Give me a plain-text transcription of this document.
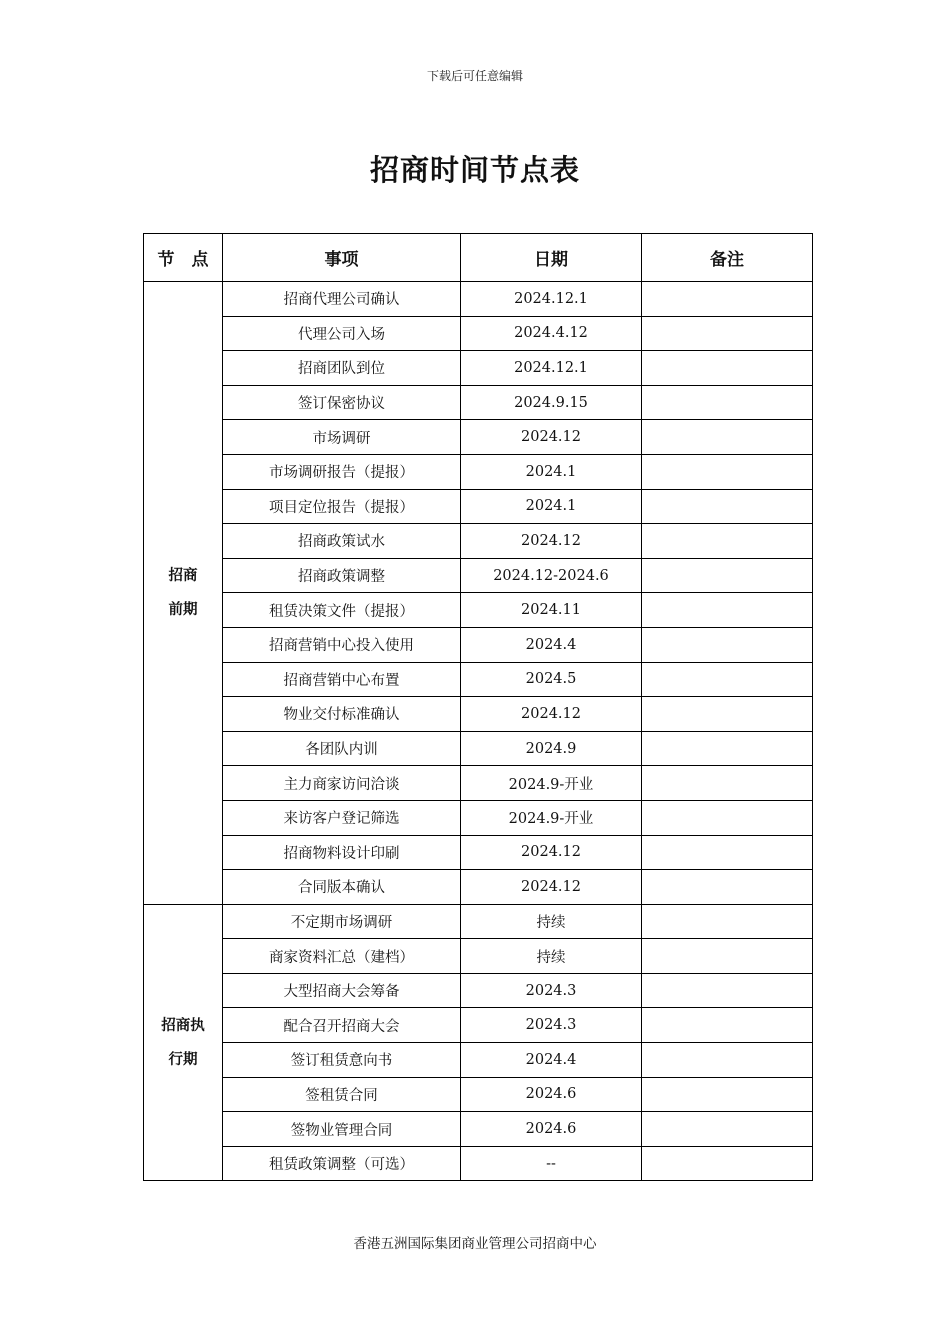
下载后可任意编辑
招商时间节点表
节　点	事项	日期	备注

招商
前期	招商代理公司确认	2024.12.1	
	代理公司入场	2024.4.12	
	招商团队到位	2024.12.1	
	签订保密协议	2024.9.15	
	市场调研	2024.12	
	市场调研报告（提报）	2024.1	
	项目定位报告（提报）	2024.1	
	招商政策试水	2024.12	
	招商政策调整	2024.12-2024.6	
	租赁决策文件（提报）	2024.11	
	招商营销中心投入使用	2024.4	
	招商营销中心布置	2024.5	
	物业交付标准确认	2024.12	
	各团队内训	2024.9	
	主力商家访问洽谈	2024.9-开业	
	来访客户登记筛选	2024.9-开业	
	招商物料设计印刷	2024.12	
	合同版本确认	2024.12	

招商执
行期	不定期市场调研	持续	
	商家资料汇总（建档）	持续	
	大型招商大会筹备	2024.3	
	配合召开招商大会	2024.3	
	签订租赁意向书	2024.4	
	签租赁合同	2024.6	
	签物业管理合同	2024.6	
	租赁政策调整（可选）	--	
香港五洲国际集团商业管理公司招商中心
